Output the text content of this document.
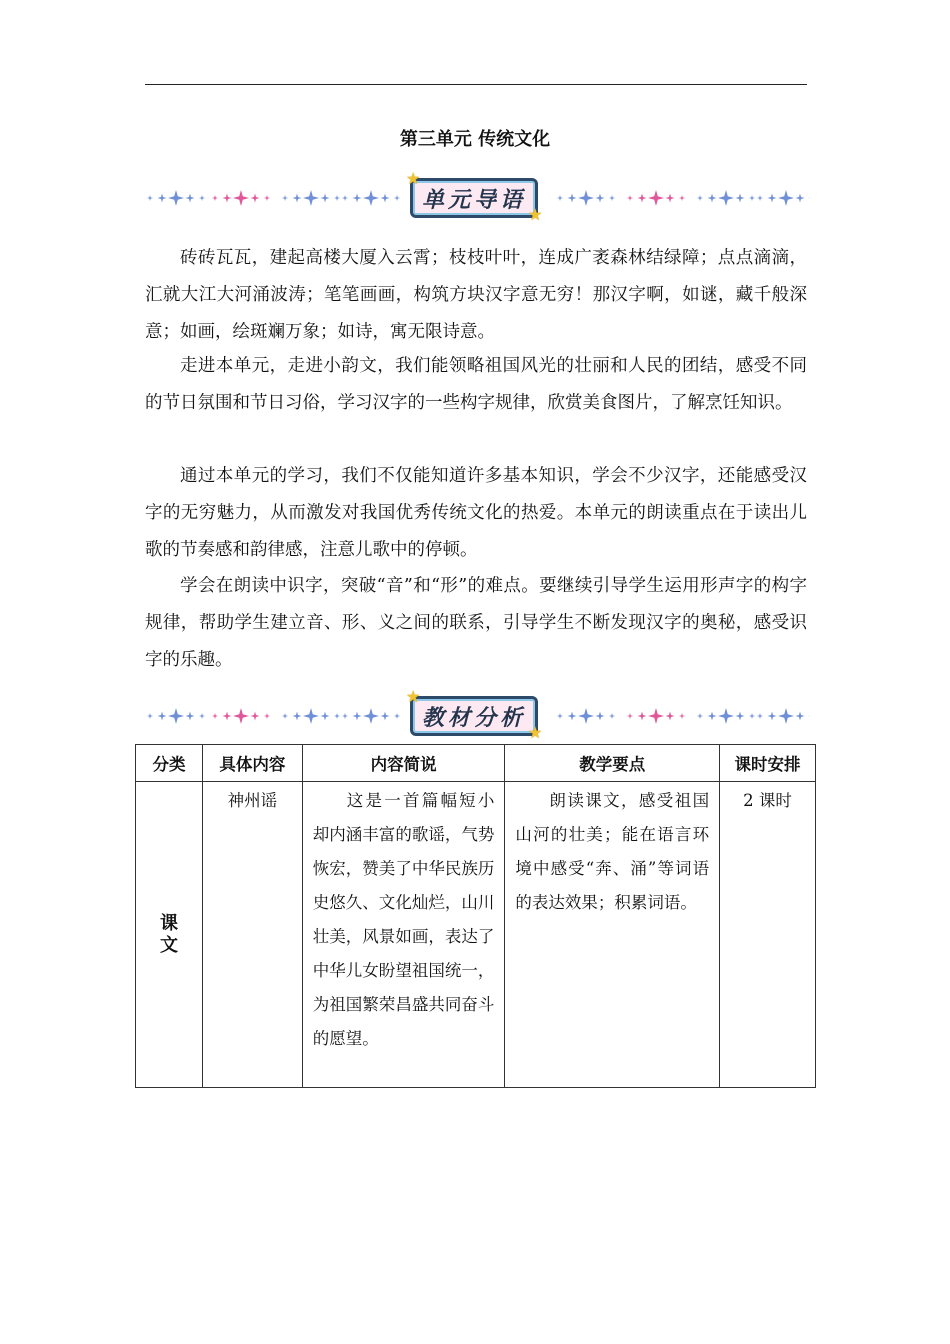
第三单元 传统文化
单元导语
★
★

砖砖瓦瓦，建起高楼大厦入云霄；枝枝叶叶，连成广袤森林结绿障；点点滴滴，汇就大江大河涌波涛；笔笔画画，构筑方块汉字意无穷！那汉字啊，如谜，藏千般深意；如画，绘斑斓万象；如诗，寓无限诗意。

走进本单元，走进小韵文，我们能领略祖国风光的壮丽和人民的团结，感受不同的节日氛围和节日习俗，学习汉字的一些构字规律，欣赏美食图片，了解烹饪知识。

通过本单元的学习，我们不仅能知道许多基本知识，学会不少汉字，还能感受汉字的无穷魅力，从而激发对我国优秀传统文化的热爱。本单元的朗读重点在于读出儿歌的节奏感和韵律感，注意儿歌中的停顿。

学会在朗读中识字，突破“音”和“形”的难点。要继续引导学生运用形声字的构字规律，帮助学生建立音、形、义之间的联系，引导学生不断发现汉字的奥秘，感受识字的乐趣。

教材分析
★
★
分类	具体内容	内容简说	教学要点	课时安排

课文	神州谣	这是一首篇幅短小却内涵丰富的歌谣，气势恢宏，赞美了中华民族历史悠久、文化灿烂，山川壮美，风景如画，表达了中华儿女盼望祖国统一，为祖国繁荣昌盛共同奋斗的愿望。	朗读课文，感受祖国山河的壮美；能在语言环境中感受“奔、涌”等词语的表达效果；积累词语。	2 课时
